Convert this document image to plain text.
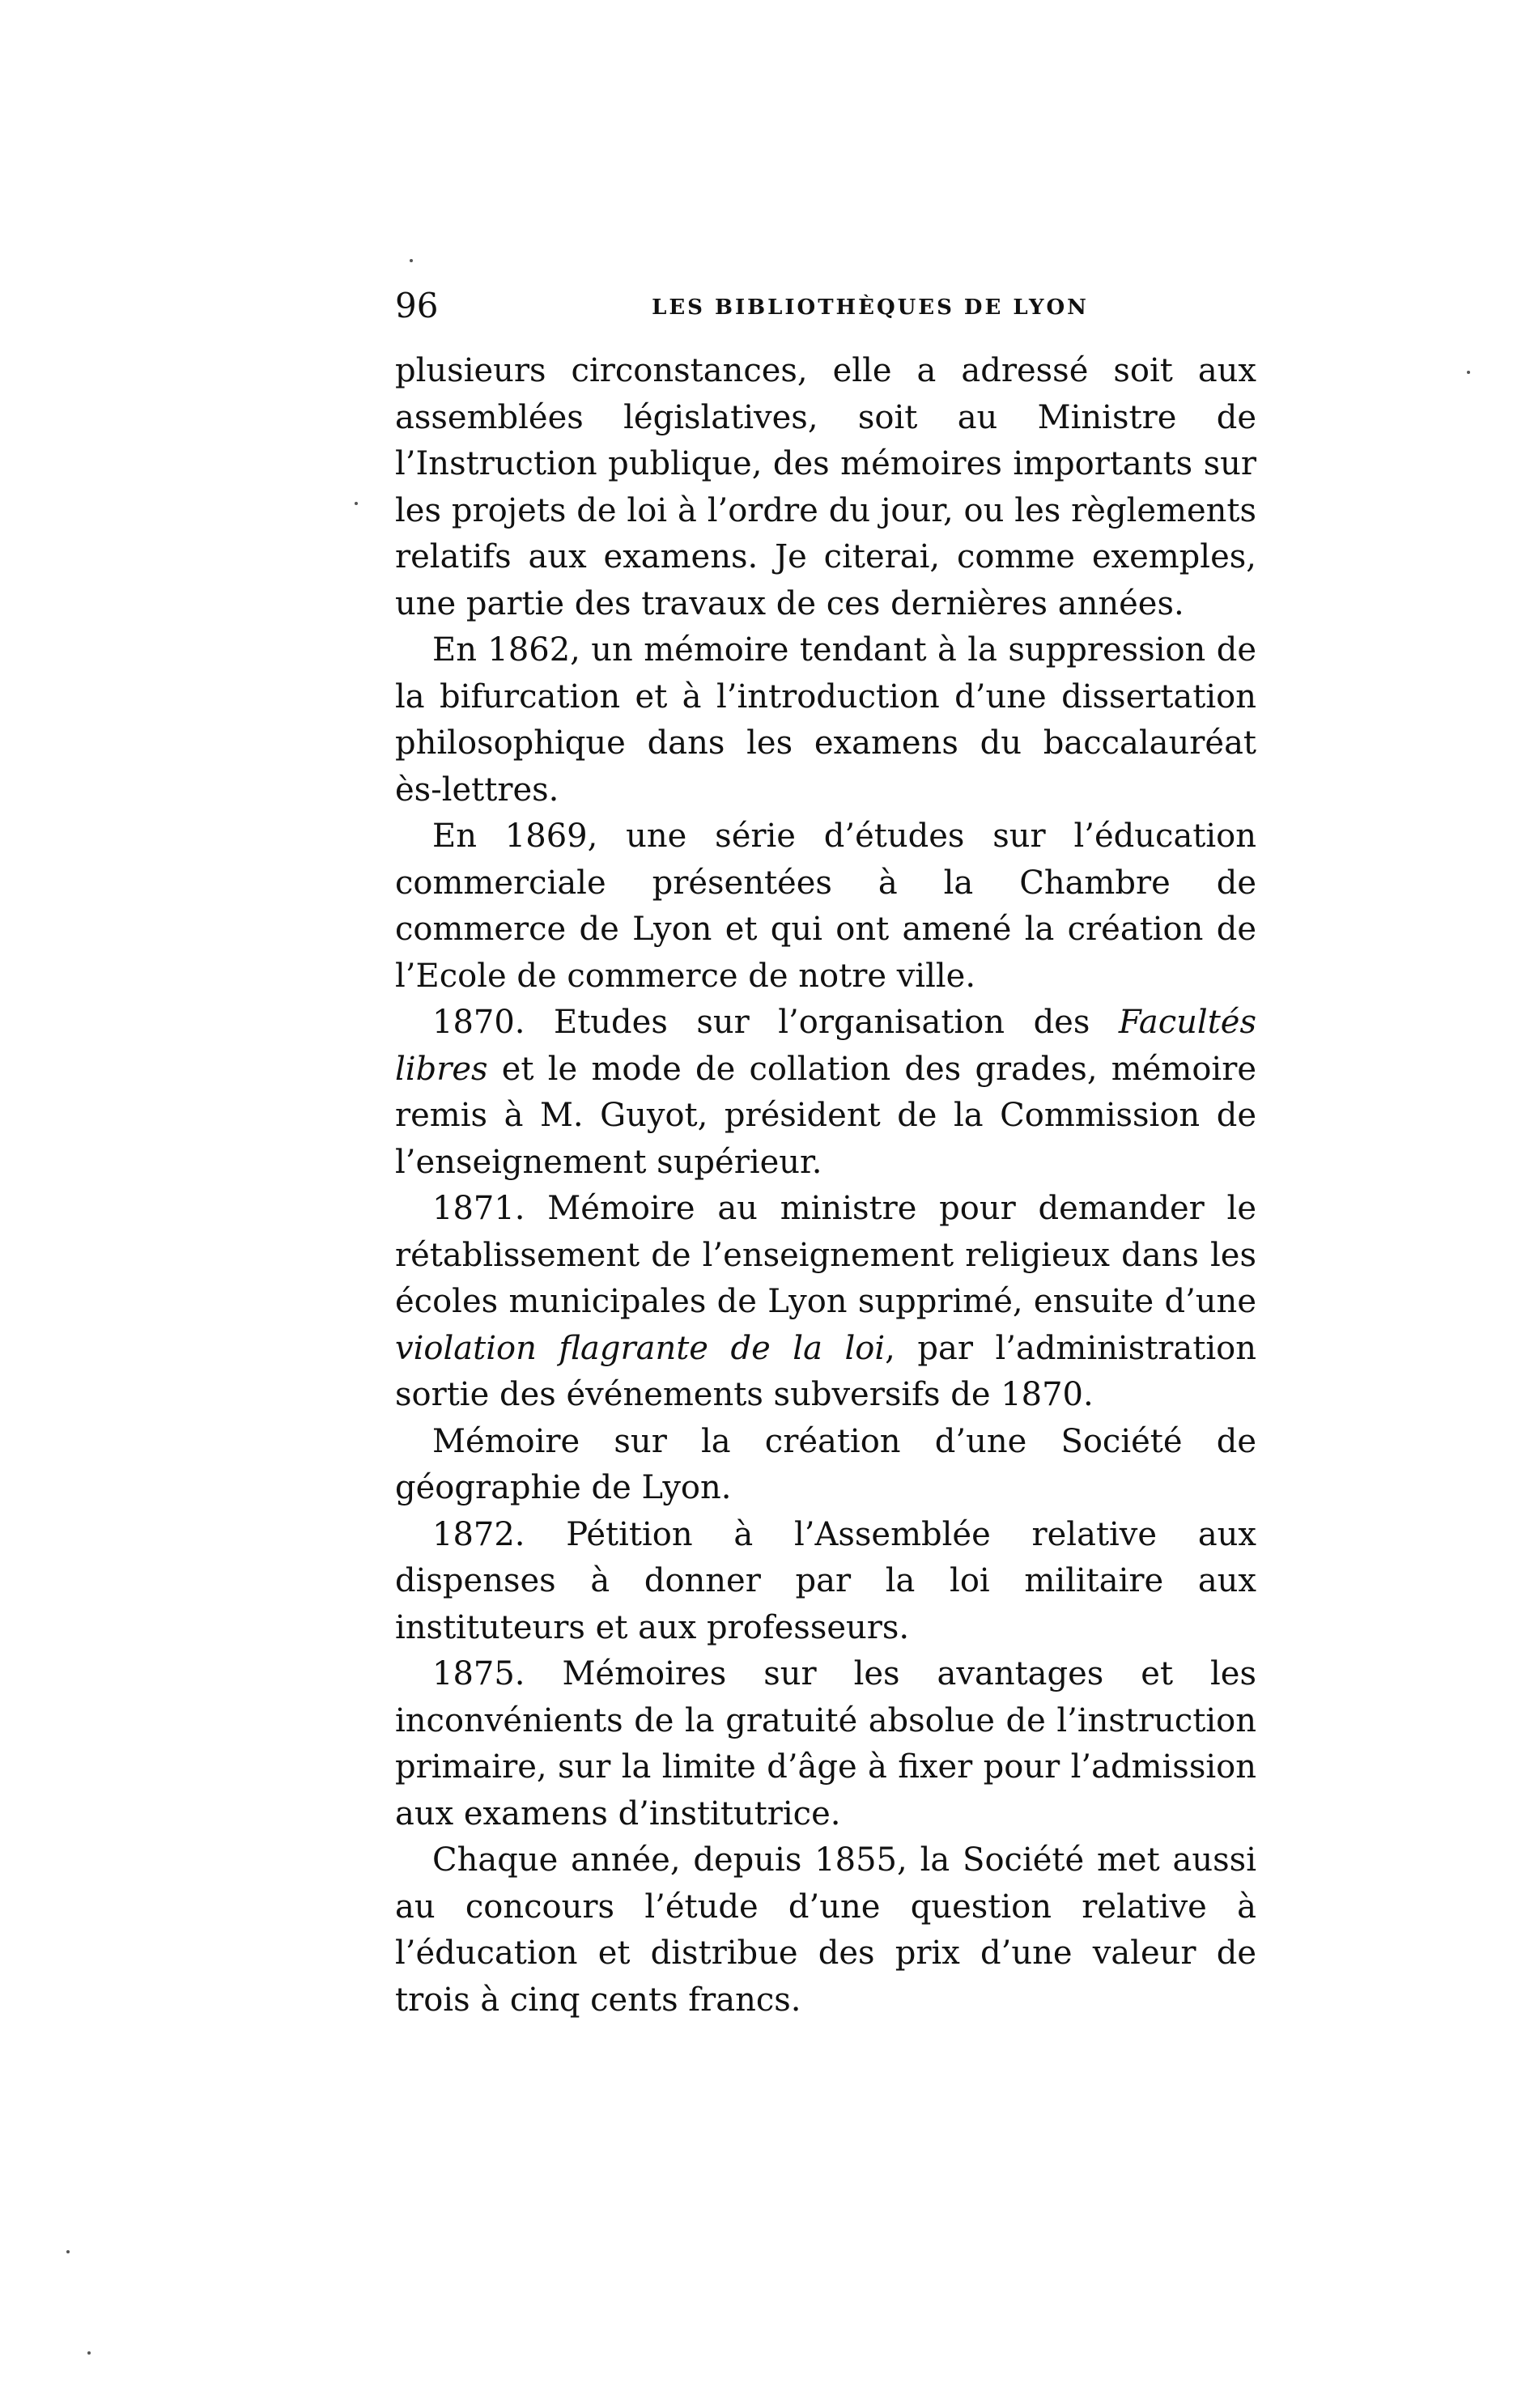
96	LES BIBLIOTHÈQUES DE LYON

plusieurs circonstances, elle a adressé soit aux assemblées législatives, soit au Ministre de l’Instruction publique, des mémoires importants sur les projets de loi à l’ordre du jour, ou les règlements relatifs aux examens. Je citerai, comme exemples, une partie des travaux de ces dernières années.

En 1862, un mémoire tendant à la suppression de la bifurcation et à l’introduction d’une dissertation philosophique dans les examens du baccalauréat ès-lettres.

En 1869, une série d’études sur l’éducation commerciale présentées à la Chambre de commerce de Lyon et qui ont amené la création de l’Ecole de commerce de notre ville.

1870. Etudes sur l’organisation des Facultés libres et le mode de collation des grades, mémoire remis à M. Guyot, président de la Commission de l’enseignement supérieur.

1871. Mémoire au ministre pour demander le rétablissement de l’enseignement religieux dans les écoles municipales de Lyon supprimé, ensuite d’une violation flagrante de la loi, par l’administration sortie des événements subversifs de 1870.

Mémoire sur la création d’une Société de géographie de Lyon.

1872. Pétition à l’Assemblée relative aux dispenses à donner par la loi militaire aux instituteurs et aux professeurs.

1875. Mémoires sur les avantages et les inconvénients de la gratuité absolue de l’instruction primaire, sur la limite d’âge à fixer pour l’admission aux examens d’institutrice.

Chaque année, depuis 1855, la Société met aussi au concours l’étude d’une question relative à l’éducation et distribue des prix d’une valeur de trois à cinq cents francs.
